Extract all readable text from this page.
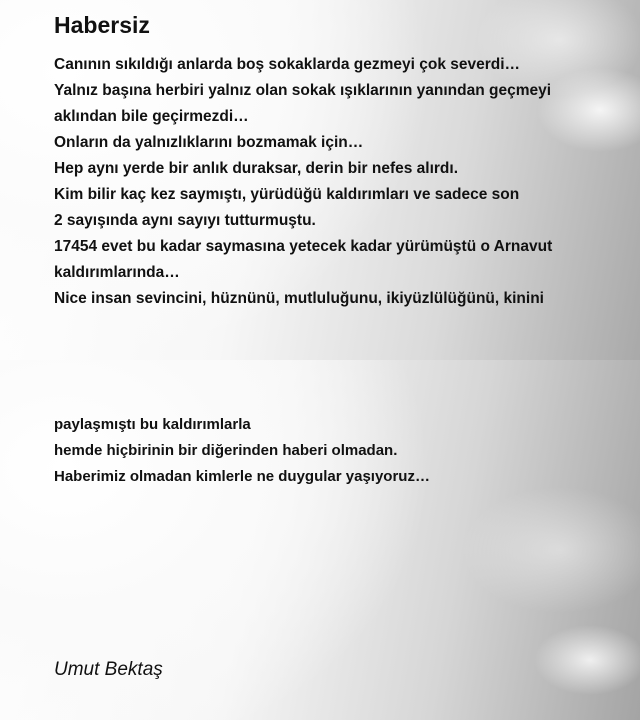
Habersiz
Canının sıkıldığı anlarda boş sokaklarda gezmeyi çok severdi…
Yalnız başına herbiri yalnız olan sokak ışıklarının yanından geçmeyi
aklından bile geçirmezdi…
Onların da yalnızlıklarını bozmamak için…
Hep aynı yerde bir anlık duraksar, derin bir nefes alırdı.
Kim bilir kaç kez saymıştı, yürüdüğü kaldırımları ve sadece son
2 sayışında aynı sayıyı tutturmuştu.
17454 evet bu kadar saymasına yetecek kadar yürümüştü o Arnavut
kaldırımlarında…
Nice insan sevincini, hüznünü, mutluluğunu, ikiyüzlülüğünü, kinini
paylaşmıştı bu kaldırımlarla
hemde hiçbirinin bir diğerinden haberi olmadan.
Haberimiz olmadan kimlerle ne duygular yaşıyoruz…
Umut Bektaş
